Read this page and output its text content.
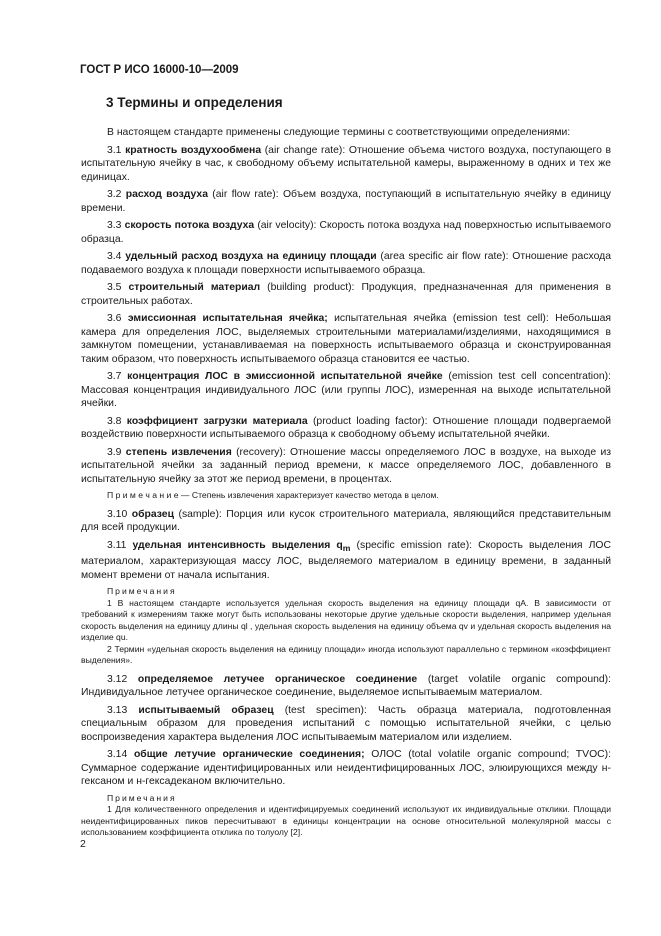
ГОСТ Р ИСО 16000-10—2009
3 Термины и определения

В настоящем стандарте применены следующие термины с соответствующими определениями:

3.1 кратность воздухообмена (air change rate): Отношение объема чистого воздуха, поступающего в испытательную ячейку в час, к свободному объему испытательной камеры, выраженному в одних и тех же единицах.

3.2 расход воздуха (air flow rate): Объем воздуха, поступающий в испытательную ячейку в единицу времени.

3.3 скорость потока воздуха (air velocity): Скорость потока воздуха над поверхностью испытываемого образца.

3.4 удельный расход воздуха на единицу площади (area specific air flow rate): Отношение расхода подаваемого воздуха к площади поверхности испытываемого образца.

3.5 строительный материал (building product): Продукция, предназначенная для применения в строительных работах.

3.6 эмиссионная испытательная ячейка; испытательная ячейка (emission test cell): Небольшая камера для определения ЛОС, выделяемых строительными материалами/изделиями, находящимися в замкнутом помещении, устанавливаемая на поверхность испытываемого образца и сконструированная таким образом, что поверхность испытываемого образца становится ее частью.

3.7 концентрация ЛОС в эмиссионной испытательной ячейке (emission test cell concentration): Массовая концентрация индивидуального ЛОС (или группы ЛОС), измеренная на выходе испытательной ячейки.

3.8 коэффициент загрузки материала (product loading factor): Отношение площади подвергаемой воздействию поверхности испытываемого образца к свободному объему испытательной ячейки.

3.9 степень извлечения (recovery): Отношение массы определяемого ЛОС в воздухе, на выходе из испытательной ячейки за заданный период времени, к массе определяемого ЛОС, добавленного в испытательную ячейку за этот же период времени, в процентах.

П р и м е ч а н и е — Степень извлечения характеризует качество метода в целом.

3.10 образец (sample): Порция или кусок строительного материала, являющийся представительным для всей продукции.

3.11 удельная интенсивность выделения $q_m$ (specific emission rate): Скорость выделения ЛОС материалом, характеризующая массу ЛОС, выделяемого материалом в единицу времени, в заданный момент времени от начала испытания.

Примечания

1 В настоящем стандарте используется удельная скорость выделения на единицу площади qA. В зависимости от требований к измерениям также могут быть использованы некоторые другие удельные скорости выделения, например удельная скорость выделения на единицу длины ql , удельная скорость выделения на единицу объема qv и удельная скорость выделения на изделие qu.

2 Термин «удельная скорость выделения на единицу площади» иногда используют параллельно с термином «коэффициент выделения».

3.12 определяемое летучее органическое соединение (target volatile organic compound): Индивидуальное летучее органическое соединение, выделяемое испытываемым материалом.

3.13 испытываемый образец (test specimen): Часть образца материала, подготовленная специальным образом для проведения испытаний с помощью испытательной ячейки, с целью воспроизведения характера выделения ЛОС испытываемым материалом или изделием.

3.14 общие летучие органические соединения; ОЛОС (total volatile organic compound; TVOC): Суммарное содержание идентифицированных или неидентифицированных ЛОС, элюирующихся между н-гексаном и н-гексадеканом включительно.

Примечания

1 Для количественного определения и идентифицируемых соединений используют их индивидуальные отклики. Площади неидентифицированных пиков пересчитывают в единицы концентрации на основе относительной молекулярной массы с использованием коэффициента отклика по толуолу [2].

2
